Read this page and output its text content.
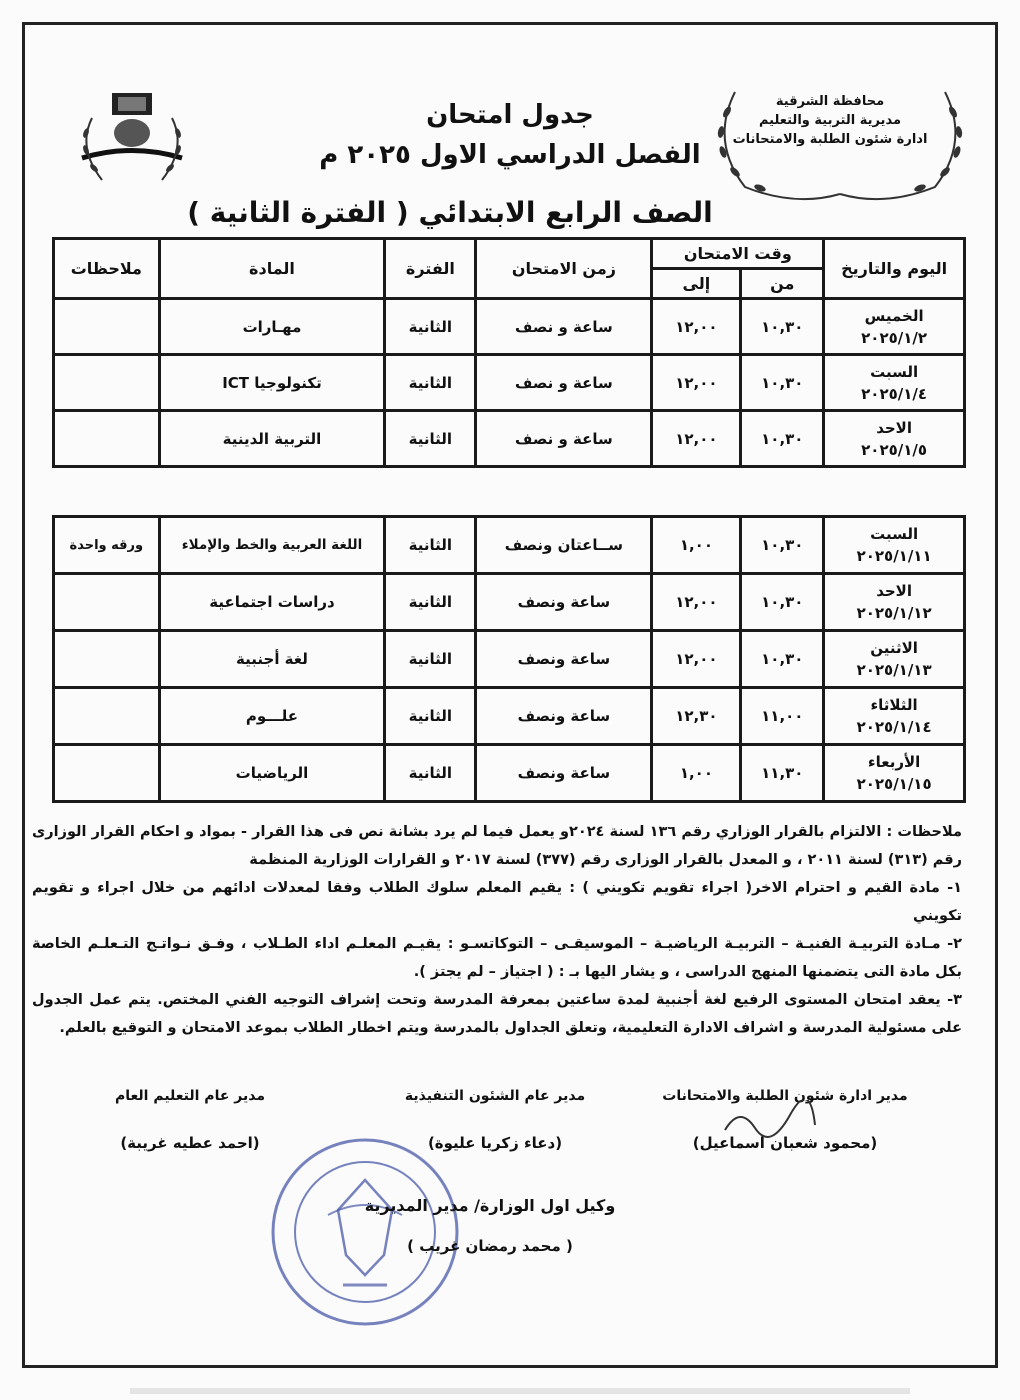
محافظة الشرقية
مديرية التربية والتعليم
ادارة شئون الطلبة والامتحانات
جدول امتحان
الفصل الدراسي الاول ٢٠٢٥ م
الصف الرابع الابتدائي ( الفترة الثانية )
اليوم والتاريخ	وقت الامتحان		زمن الامتحان	الفترة	المادة	ملاحظات
	من	إلى				

الخميس
٢٠٢٥/١/٢	١٠,٣٠	١٢,٠٠	ساعة و نصف	الثانية	مهـارات	

السبت
٢٠٢٥/١/٤	١٠,٣٠	١٢,٠٠	ساعة و نصف	الثانية	تكنولوجيا ICT	

الاحد
٢٠٢٥/١/٥	١٠,٣٠	١٢,٠٠	ساعة و نصف	الثانية	التربية الدينية	
السبت
٢٠٢٥/١/١١	١٠,٣٠	١,٠٠	ســاعتان ونصف	الثانية	اللغة العربية والخط والإملاء	ورقه واحدة

الاحد
٢٠٢٥/١/١٢	١٠,٣٠	١٢,٠٠	ساعة ونصف	الثانية	دراسات اجتماعية	

الاثنين
٢٠٢٥/١/١٣	١٠,٣٠	١٢,٠٠	ساعة ونصف	الثانية	لغة أجنبية	

الثلاثاء
٢٠٢٥/١/١٤	١١,٠٠	١٢,٣٠	ساعة ونصف	الثانية	علـــوم	

الأربعاء
٢٠٢٥/١/١٥	١١,٣٠	١,٠٠	ساعة ونصف	الثانية	الرياضيات	

ملاحظات : الالتزام بالقرار الوزاري رقم ١٣٦ لسنة ٢٠٢٤و يعمل فيما لم يرد بشانة نص فى هذا القرار - بمواد و احكام القرار الوزارى رقم (٣١٣) لسنة ٢٠١١ ، و المعدل بالقرار الوزارى رقم (٣٧٧) لسنة ٢٠١٧ و القرارات الوزارية المنظمة

١- مادة القيم و احترام الاخر( اجراء تقويم تكويني ) : يقيم المعلم سلوك الطلاب وفقا لمعدلات ادائهم من خلال اجراء و تقويم تكويني

٢- مـادة التربيـة الفنيـة – التربيـة الرياضيـة – الموسيقـى – التوكاتسـو : يقيـم المعلـم اداء الطـلاب ، وفـق نـواتـج التـعلـم الخاصة بكل مادة التى يتضمنها المنهج الدراسى ، و يشار اليها بـ : ( اجتياز – لم يجتز ).

٣- يعقد امتحان المستوى الرفيع لغة أجنبية لمدة ساعتين بمعرفة المدرسة وتحت إشراف التوجيه الفني المختص. يتم عمل الجدول على مسئولية المدرسة و اشراف الادارة التعليمية، وتعلق الجداول بالمدرسة ويتم اخطار الطلاب بموعد الامتحان و التوقيع بالعلم.

مدير ادارة شئون الطلبة والامتحانات
(محمود شعبان اسماعيل)
مدير عام الشئون التنفيذية
(دعاء زكريا عليوة)
مدير عام التعليم العام
(احمد عطيه غريبة)
وكيل اول الوزارة/ مدير المديرية
( محمد رمضان غريب )
